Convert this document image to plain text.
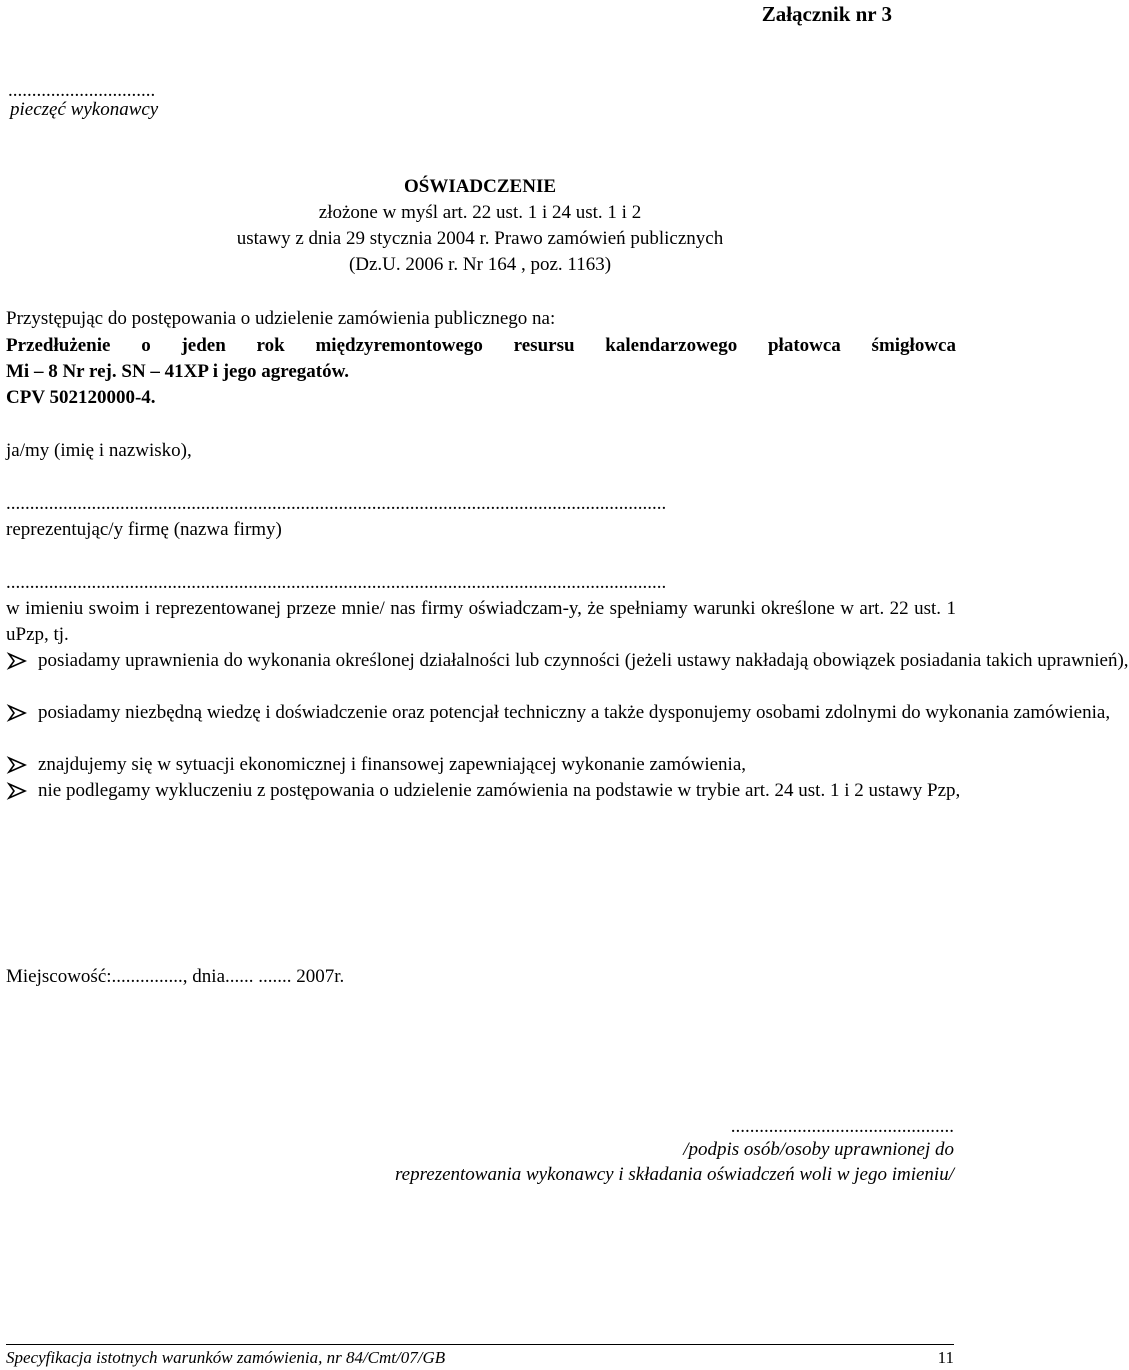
Załącznik nr 3
...............................
pieczęć wykonawcy
OŚWIADCZENIE
złożone w myśl art. 22 ust. 1 i 24 ust. 1 i 2
ustawy z dnia 29 stycznia 2004 r. Prawo zamówień publicznych
(Dz.U. 2006 r. Nr 164 , poz. 1163)
Przystępując do postępowania o udzielenie zamówienia publicznego na:
Przedłużenie o jeden rok międzyremontowego resursu kalendarzowego płatowca śmigłowca
Mi – 8 Nr rej. SN – 41XP i jego agregatów.
CPV 502120000-4.
ja/my (imię i nazwisko),
...........................................................................................................................................
reprezentując/y firmę (nazwa firmy)
...........................................................................................................................................
w imieniu swoim i reprezentowanej przeze mnie/ nas firmy oświadczam-y, że spełniamy warunki określone w art. 22 ust. 1 uPzp, tj.
posiadamy uprawnienia do wykonania określonej działalności lub czynności (jeżeli ustawy nakładają obowiązek posiadania takich uprawnień),
posiadamy niezbędną wiedzę i doświadczenie oraz potencjał techniczny a także dysponujemy osobami zdolnymi do wykonania zamówienia,
znajdujemy się w sytuacji ekonomicznej i finansowej zapewniającej wykonanie zamówienia,
nie podlegamy wykluczeniu z postępowania o udzielenie zamówienia na podstawie w trybie art. 24 ust. 1 i 2 ustawy Pzp,
Miejscowość:..............., dnia...... ....... 2007r.
...............................................
/podpis osób/osoby uprawnionej do
reprezentowania wykonawcy i składania oświadczeń woli w jego imieniu/
Specyfikacja istotnych warunków zamówienia, nr 84/Cmt/07/GB	11
